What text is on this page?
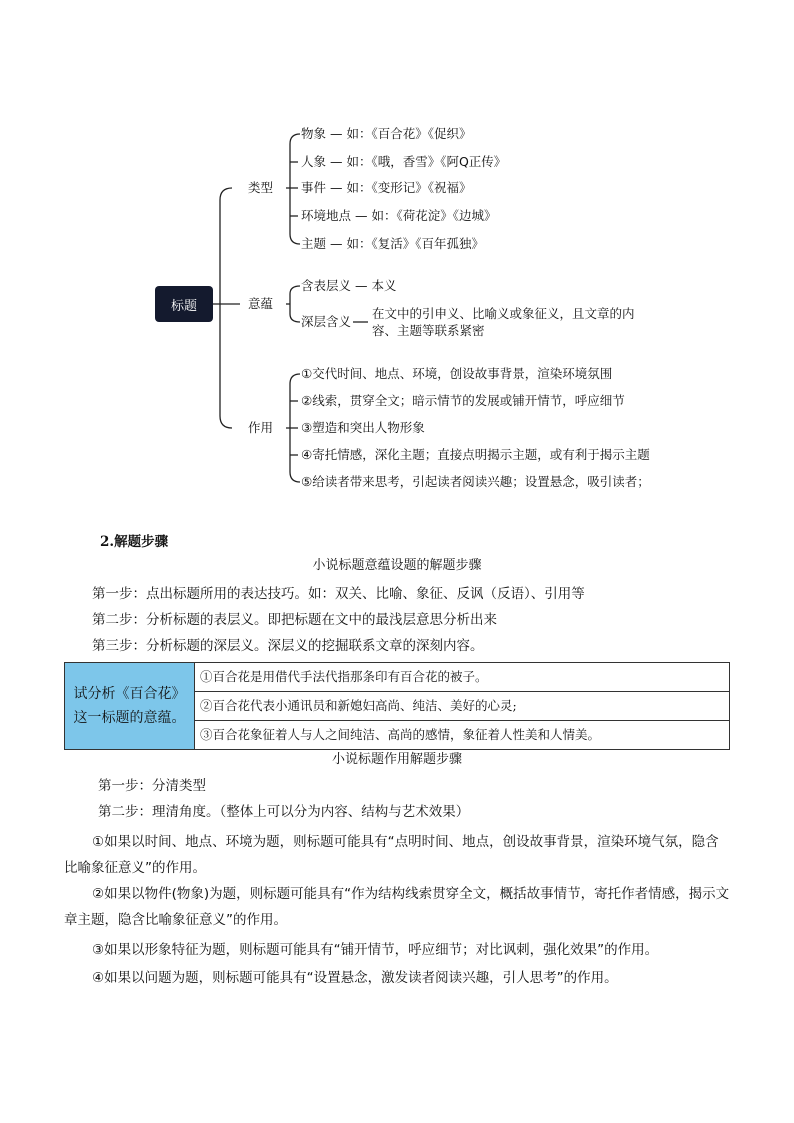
标题
类型
意蕴
作用
物象 — 如：《百合花》《促织》
人象 — 如：《哦，香雪》《阿Q正传》
事件 — 如：《变形记》《祝福》
环境地点 — 如：《荷花淀》《边城》
主题 — 如：《复活》《百年孤独》
含表层义 — 本义
深层含义
在文中的引申义、比喻义或象征义，且文章的内
容、主题等联系紧密
①交代时间、地点、环境，创设故事背景，渲染环境氛围
②线索，贯穿全文；暗示情节的发展或铺开情节，呼应细节
③塑造和突出人物形象
④寄托情感，深化主题；直接点明揭示主题，或有利于揭示主题
⑤给读者带来思考，引起读者阅读兴趣；设置悬念，吸引读者；
2.解题步骤
小说标题意蕴设题的解题步骤
第一步：点出标题所用的表达技巧。如：双关、比喻、象征、反讽（反语）、引用等
第二步：分析标题的表层义。即把标题在文中的最浅层意思分析出来
第三步：分析标题的深层义。深层义的挖掘联系文章的深刻内容。
试分析《百合花》
这一标题的意蕴。
	①百合花是用借代手法代指那条印有百合花的被子。
②百合花代表小通讯员和新媳妇高尚、纯洁、美好的心灵;
③百合花象征着人与人之间纯洁、高尚的感情，象征着人性美和人情美。
小说标题作用解题步骤
第一步：分清类型
第二步：理清角度。（整体上可以分为内容、结构与艺术效果）
①如果以时间、地点、环境为题，则标题可能具有“点明时间、地点，创设故事背景，渲染环境气氛，隐含比喻象征意义”的作用。
②如果以物件(物象)为题，则标题可能具有“作为结构线索贯穿全文，概括故事情节，寄托作者情感，揭示文章主题，隐含比喻象征意义”的作用。
③如果以形象特征为题，则标题可能具有“铺开情节，呼应细节；对比讽刺，强化效果”的作用。
④如果以问题为题，则标题可能具有“设置悬念，激发读者阅读兴趣，引人思考”的作用。
